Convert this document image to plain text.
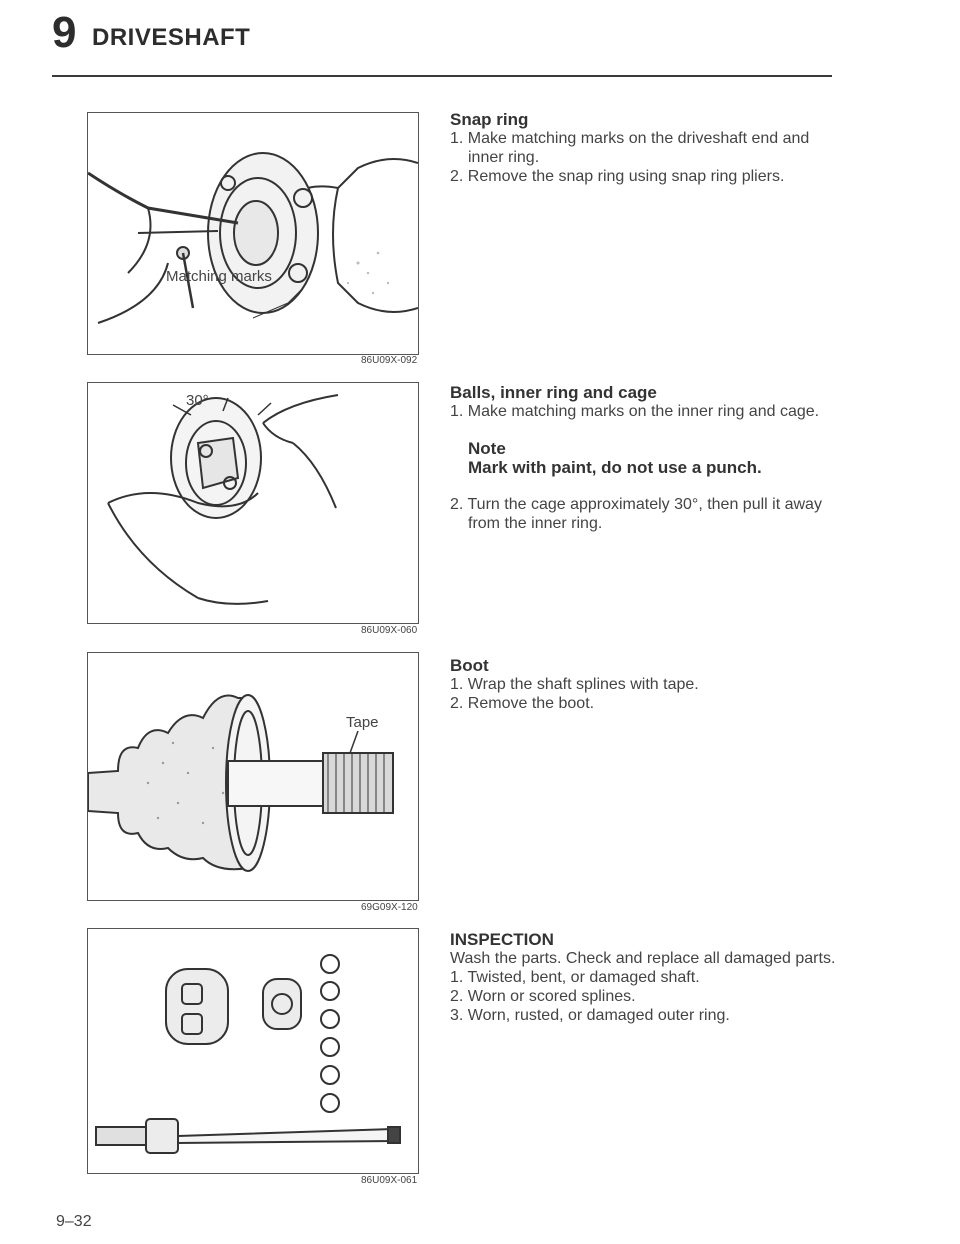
9 DRIVESHAFT
Matching marks
86U09X-092
30°
86U09X-060
Tape
69G09X-120
86U09X-061
Snap ring

1. Make matching marks on the driveshaft end and inner ring.

2. Remove the snap ring using snap ring pliers.

Balls, inner ring and cage

1. Make matching marks on the inner ring and cage.

Note
Mark with paint, do not use a punch.

2. Turn the cage approximately 30°, then pull it away from the inner ring.

Boot

1. Wrap the shaft splines with tape.

2. Remove the boot.

INSPECTION

Wash the parts. Check and replace all damaged parts.

1. Twisted, bent, or damaged shaft.

2. Worn or scored splines.

3. Worn, rusted, or damaged outer ring.

9–32
